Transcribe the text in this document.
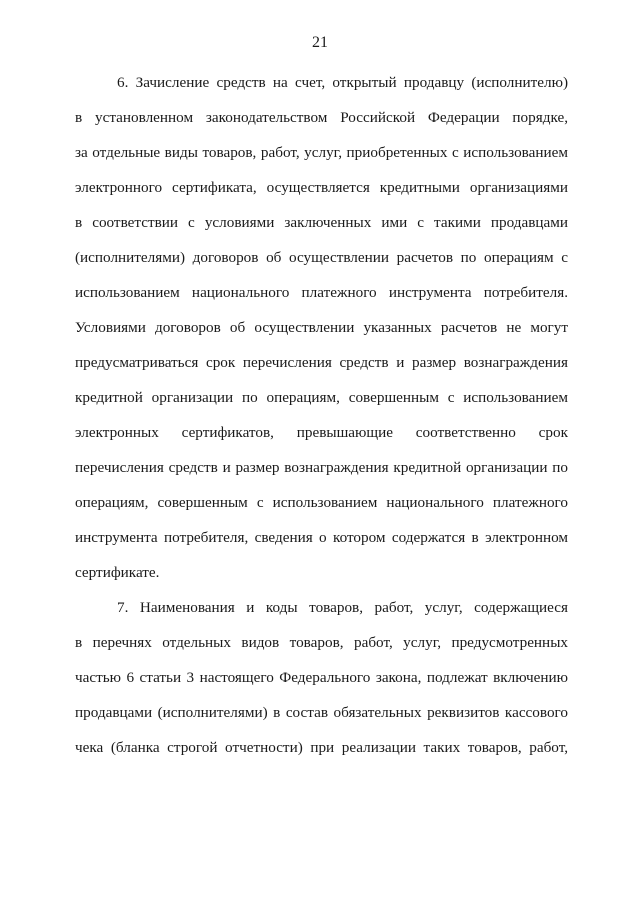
21
6. Зачисление средств на счет, открытый продавцу (исполнителю)
в установленном законодательством Российской Федерации порядке,
за отдельные виды товаров, работ, услуг, приобретенных с использованием
электронного сертификата, осуществляется кредитными организациями
в соответствии с условиями заключенных ими с такими продавцами
(исполнителями) договоров об осуществлении расчетов по операциям с
использованием национального платежного инструмента потребителя.
Условиями договоров об осуществлении указанных расчетов не могут
предусматриваться срок перечисления средств и размер вознаграждения
кредитной организации по операциям, совершенным с использованием
электронных сертификатов, превышающие соответственно срок
перечисления средств и размер вознаграждения кредитной организации по
операциям, совершенным с использованием национального платежного
инструмента потребителя, сведения о котором содержатся в электронном
сертификате.
7. Наименования и коды товаров, работ, услуг, содержащиеся
в перечнях отдельных видов товаров, работ, услуг, предусмотренных
частью 6 статьи 3 настоящего Федерального закона, подлежат включению
продавцами (исполнителями) в состав обязательных реквизитов кассового
чека (бланка строгой отчетности) при реализации таких товаров, работ,
